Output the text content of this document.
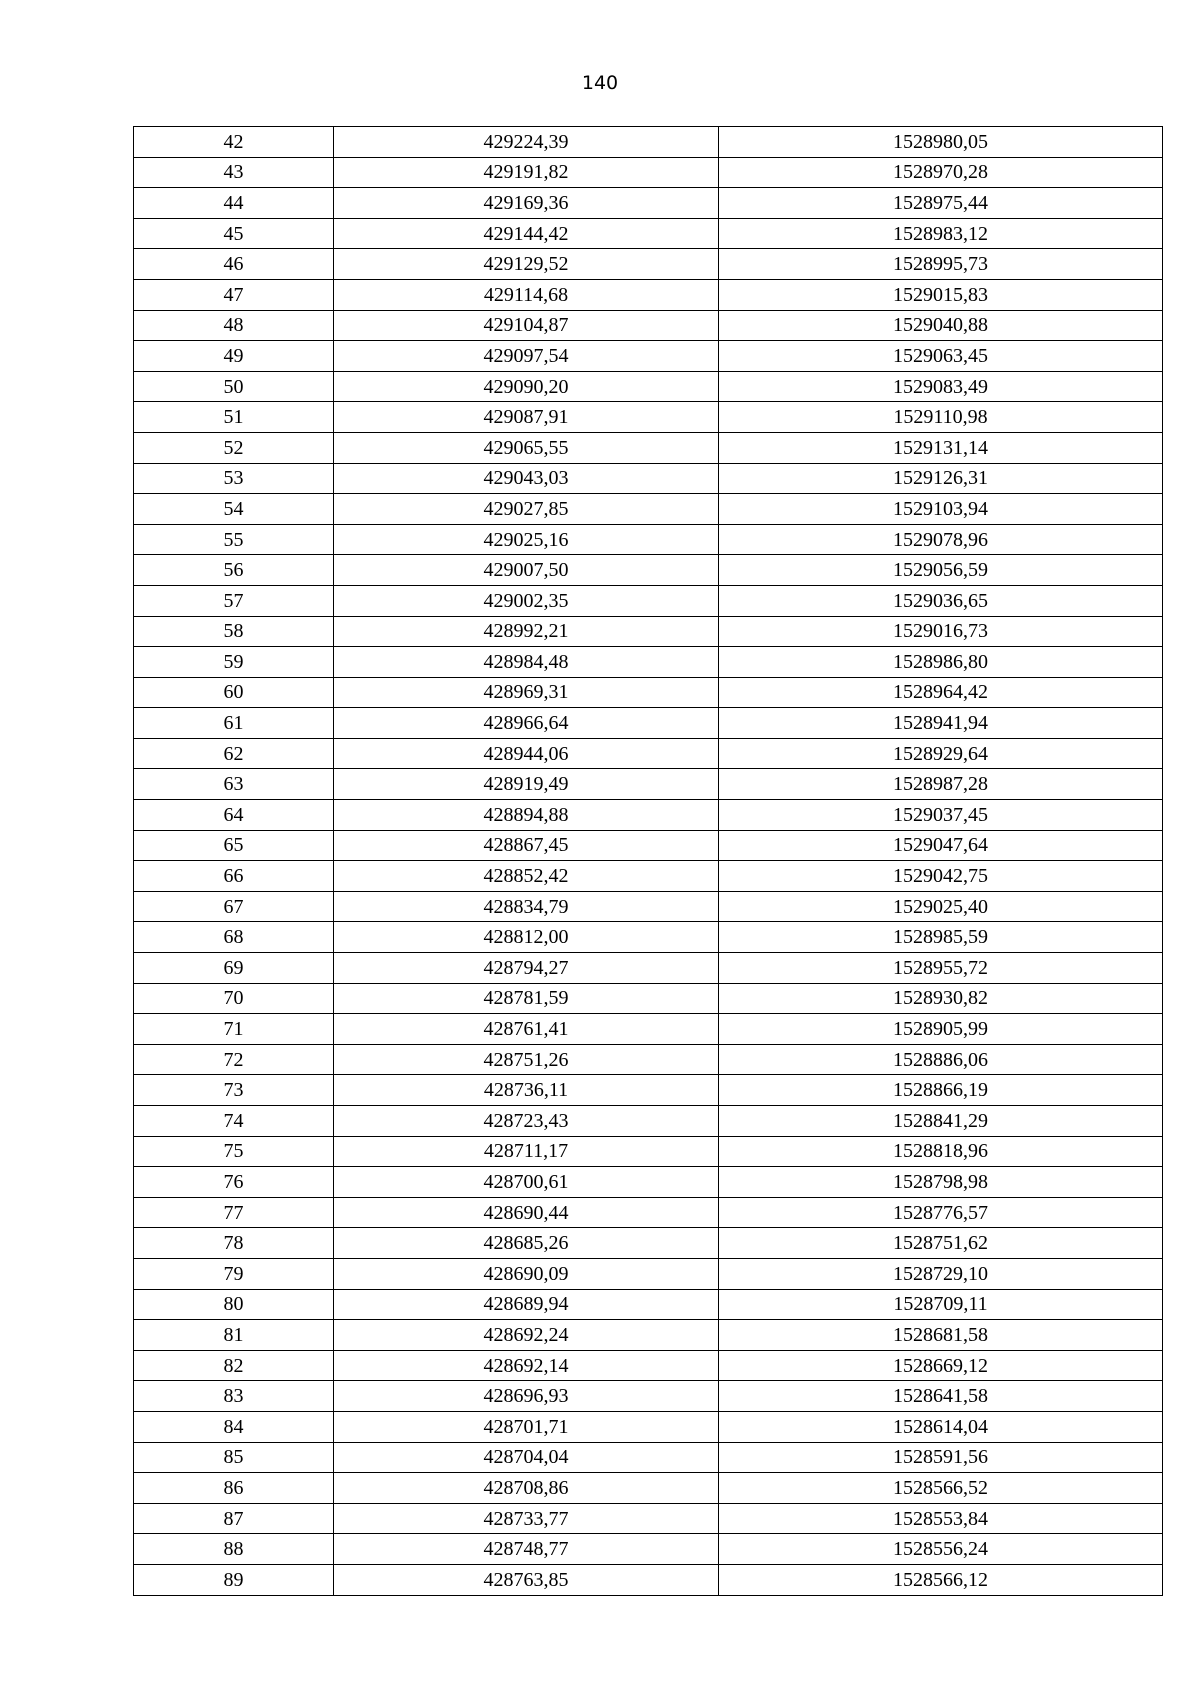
140
42	429224,39	1528980,05
43	429191,82	1528970,28
44	429169,36	1528975,44
45	429144,42	1528983,12
46	429129,52	1528995,73
47	429114,68	1529015,83
48	429104,87	1529040,88
49	429097,54	1529063,45
50	429090,20	1529083,49
51	429087,91	1529110,98
52	429065,55	1529131,14
53	429043,03	1529126,31
54	429027,85	1529103,94
55	429025,16	1529078,96
56	429007,50	1529056,59
57	429002,35	1529036,65
58	428992,21	1529016,73
59	428984,48	1528986,80
60	428969,31	1528964,42
61	428966,64	1528941,94
62	428944,06	1528929,64
63	428919,49	1528987,28
64	428894,88	1529037,45
65	428867,45	1529047,64
66	428852,42	1529042,75
67	428834,79	1529025,40
68	428812,00	1528985,59
69	428794,27	1528955,72
70	428781,59	1528930,82
71	428761,41	1528905,99
72	428751,26	1528886,06
73	428736,11	1528866,19
74	428723,43	1528841,29
75	428711,17	1528818,96
76	428700,61	1528798,98
77	428690,44	1528776,57
78	428685,26	1528751,62
79	428690,09	1528729,10
80	428689,94	1528709,11
81	428692,24	1528681,58
82	428692,14	1528669,12
83	428696,93	1528641,58
84	428701,71	1528614,04
85	428704,04	1528591,56
86	428708,86	1528566,52
87	428733,77	1528553,84
88	428748,77	1528556,24
89	428763,85	1528566,12
